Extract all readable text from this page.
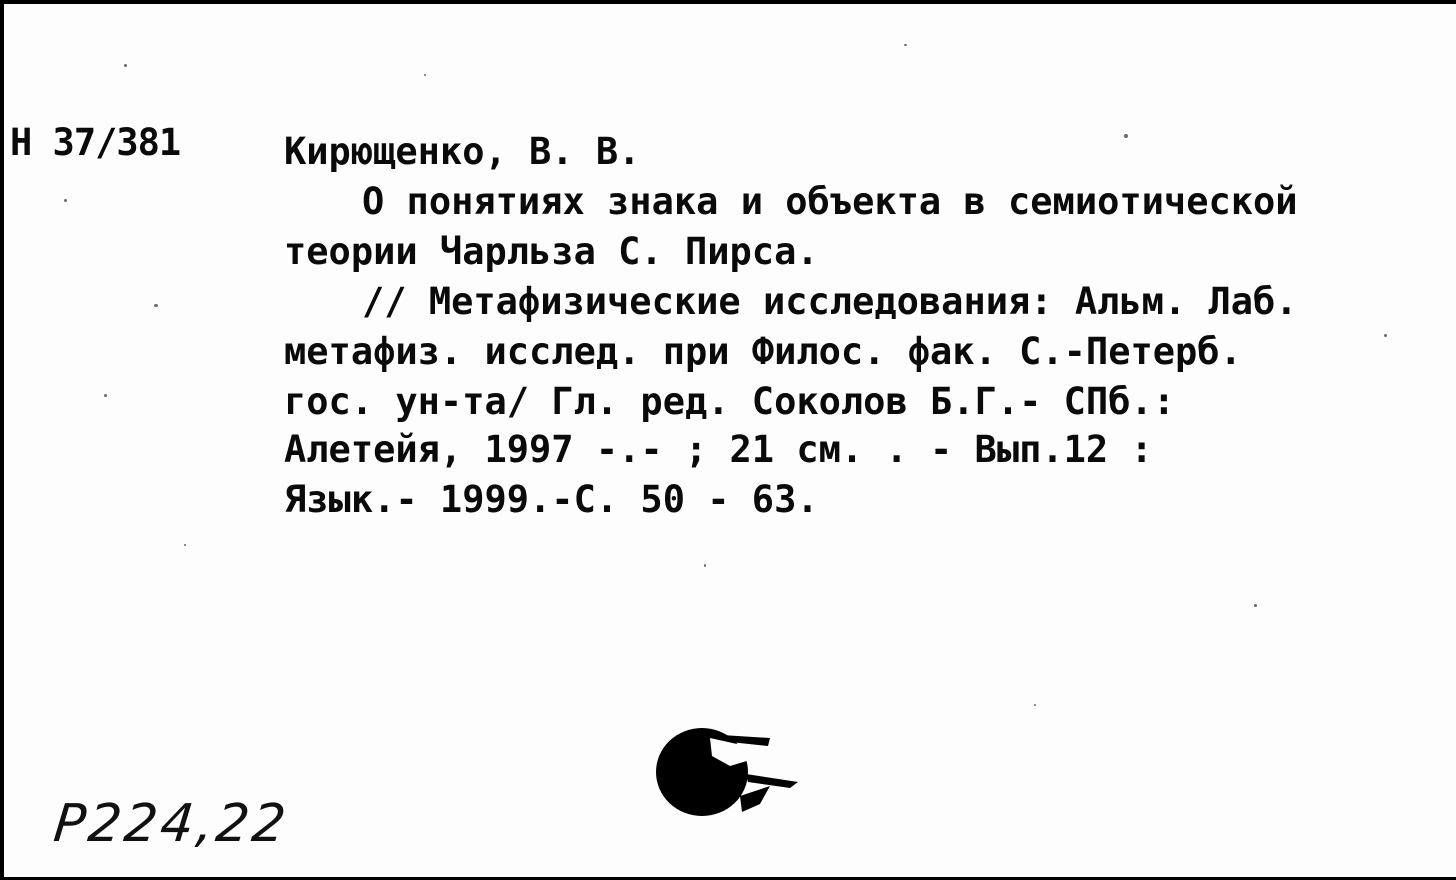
Н 37/381	Кирющенко, В. В.
О понятиях знака и объекта в семиотической
теории Чарльза С. Пирса.
// Метафизические исследования: Альм. Лаб.
метафиз. исслед. при Филос. фак. С.-Петерб.
гос. ун-та/ Гл. ред. Соколов Б.Г.- СПб.:
Алетейя, 1997 -.- ; 21 см. . - Вып.12 :
Язык.- 1999.-С. 50 - 63.
Р224,22
